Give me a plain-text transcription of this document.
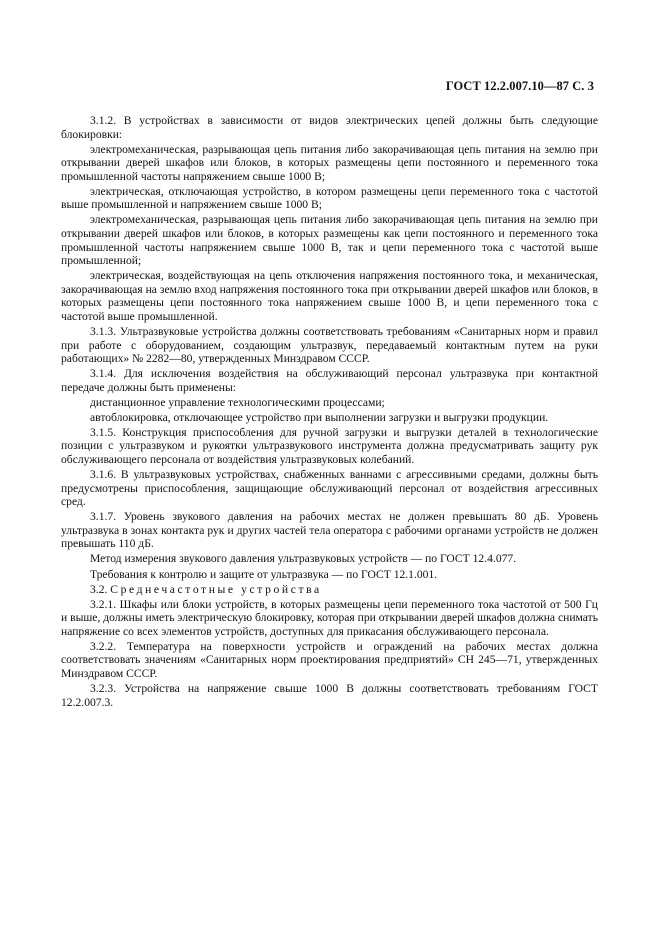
ГОСТ 12.2.007.10—87 С. 3

3.1.2. В устройствах в зависимости от видов электрических цепей должны быть следующие блокировки:

электромеханическая, разрывающая цепь питания либо закорачивающая цепь питания на землю при открывании дверей шкафов или блоков, в которых размещены цепи постоянного и переменного тока промышленной частоты напряжением свыше 1000 В;

электрическая, отключающая устройство, в котором размещены цепи переменного тока с частотой выше промышленной и напряжением свыше 1000 В;

электромеханическая, разрывающая цепь питания либо закорачивающая цепь питания на землю при открывании дверей шкафов или блоков, в которых размещены как цепи постоянного и переменного тока промышленной частоты напряжением свыше 1000 В, так и цепи переменного тока с частотой выше промышленной;

электрическая, воздействующая на цепь отключения напряжения постоянного тока, и механическая, закорачивающая на землю вход напряжения постоянного тока при открывании дверей шкафов или блоков, в которых размещены цепи постоянного тока напряжением свыше 1000 В, и цепи переменного тока с частотой выше промышленной.

3.1.3. Ультразвуковые устройства должны соответствовать требованиям «Санитарных норм и правил при работе с оборудованием, создающим ультразвук, передаваемый контактным путем на руки работающих» № 2282—80, утвержденных Минздравом СССР.

3.1.4. Для исключения воздействия на обслуживающий персонал ультразвука при контактной передаче должны быть применены:

дистанционное управление технологическими процессами;

автоблокировка, отключающее устройство при выполнении загрузки и выгрузки продукции.

3.1.5. Конструкция приспособления для ручной загрузки и выгрузки деталей в технологические позиции с ультразвуком и рукоятки ультразвукового инструмента должна предусматривать защиту рук обслуживающего персонала от воздействия ультразвуковых колебаний.

3.1.6. В ультразвуковых устройствах, снабженных ваннами с агрессивными средами, должны быть предусмотрены приспособления, защищающие обслуживающий персонал от воздействия агрессивных сред.

3.1.7. Уровень звукового давления на рабочих местах не должен превышать 80 дБ. Уровень ультразвука в зонах контакта рук и других частей тела оператора с рабочими органами устройств не должен превышать 110 дБ.

Метод измерения звукового давления ультразвуковых устройств — по ГОСТ 12.4.077.

Требования к контролю и защите от ультразвука — по ГОСТ 12.1.001.

3.2. Среднечастотные устройства

3.2.1. Шкафы или блоки устройств, в которых размещены цепи переменного тока частотой от 500 Гц и выше, должны иметь электрическую блокировку, которая при открывании дверей шкафов должна снимать напряжение со всех элементов устройств, доступных для прикасания обслуживающего персонала.

3.2.2. Температура на поверхности устройств и ограждений на рабочих местах должна соответствовать значениям «Санитарных норм проектирования предприятий» СН 245—71, утвержденных Минздравом СССР.

3.2.3. Устройства на напряжение свыше 1000 В должны соответствовать требованиям ГОСТ 12.2.007.3.
